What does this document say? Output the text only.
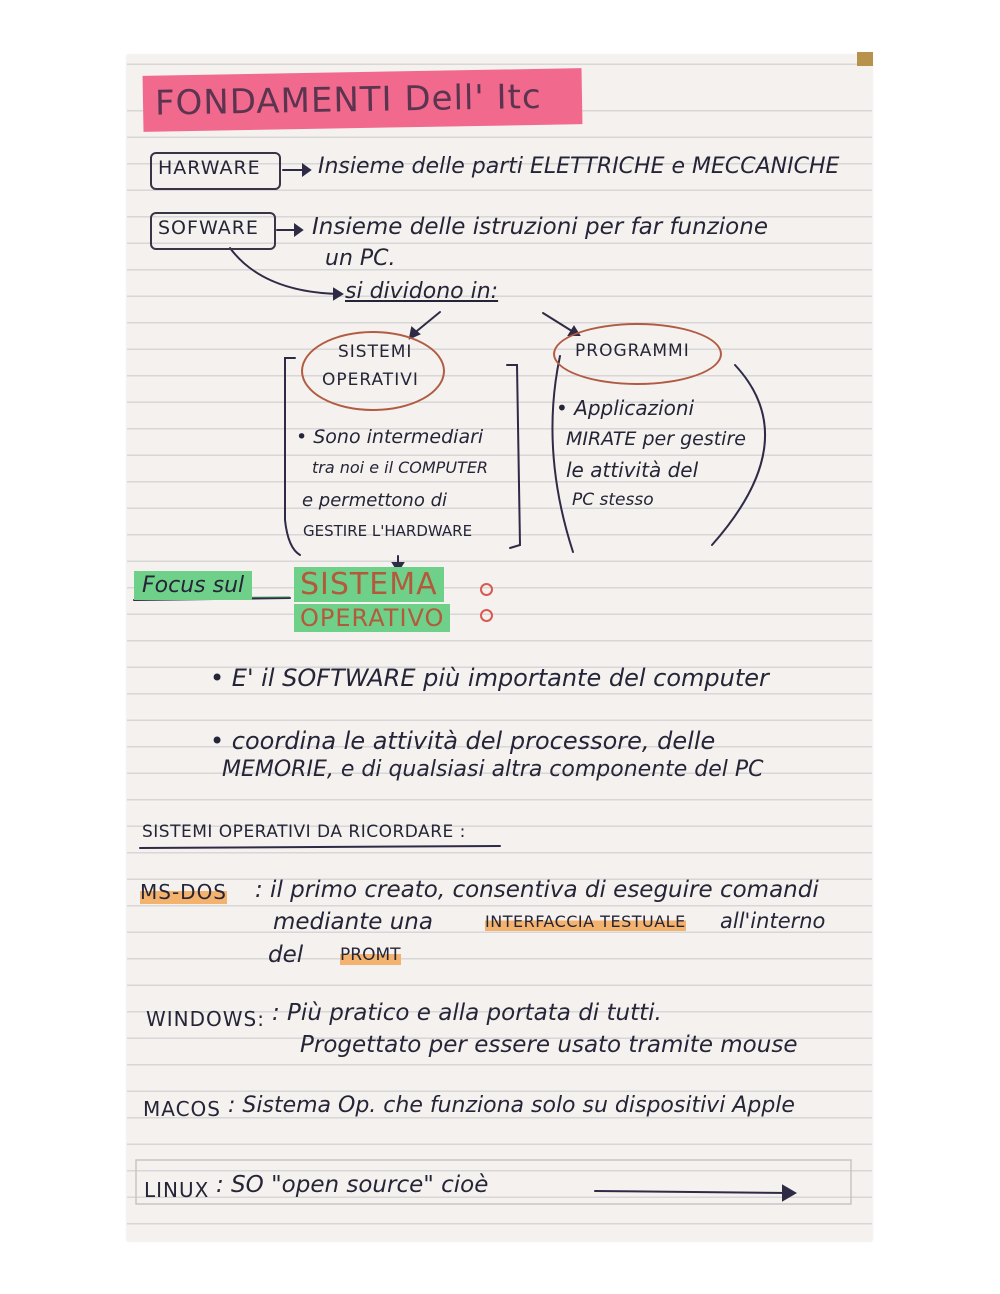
FONDAMENTI Dell' Itc
HARWARE	Insieme delle parti ELETTRICHE e MECCANICHE
SOFWARE Insieme delle istruzioni per far funzione
un PC.
si dividono in:
SISTEMI
OPERATIVI
• Sono intermediari
tra noi e il COMPUTER
e permettono di
GESTIRE L'HARDWARE
PROGRAMMI
• Applicazioni
MIRATE per gestire
le attività del
PC stesso
Focus sul SISTEMA
OPERATIVO
• E' il SOFTWARE più importante del computer
• coordina le attività del processore, delle
MEMORIE, e di qualsiasi altra componente del PC
SISTEMI OPERATIVI DA RICORDARE :
MS-DOS : il primo creato, consentiva di eseguire comandi
mediante una	INTERFACCIA TESTUALE all'interno
del PROMT
WINDOWS: : Più pratico e alla portata di tutti.
Progettato per essere usato tramite mouse
MACOS : Sistema Op. che funziona solo su dispositivi Apple
LINUX : SO "open source" cioè
